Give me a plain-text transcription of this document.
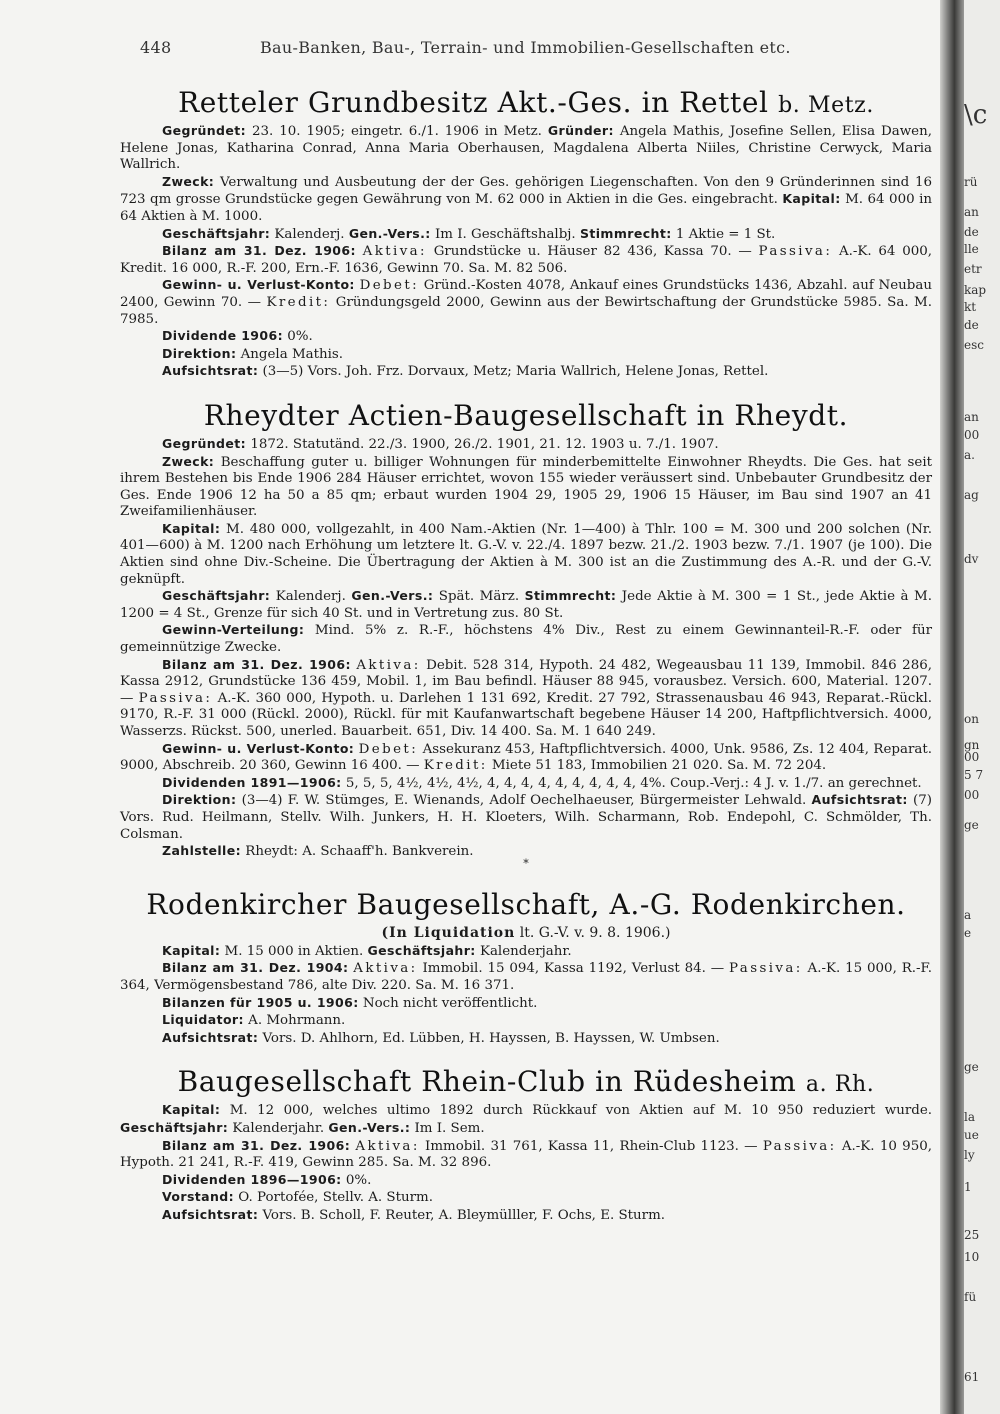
448	Bau-Banken, Bau-, Terrain- und Immobilien-Gesellschaften etc.
Retteler Grundbesitz Akt.-Ges. in Rettel b. Metz.

Gegründet: 23. 10. 1905; eingetr. 6./1. 1906 in Metz. Gründer: Angela Mathis, Josefine Sellen, Elisa Dawen, Helene Jonas, Katharina Conrad, Anna Maria Oberhausen, Magdalena Alberta Niiles, Christine Cerwyck, Maria Wallrich.

Zweck: Verwaltung und Ausbeutung der der Ges. gehörigen Liegenschaften. Von den 9 Gründerinnen sind 16 723 qm grosse Grundstücke gegen Gewährung von M. 62 000 in Aktien in die Ges. eingebracht. Kapital: M. 64 000 in 64 Aktien à M. 1000.

Geschäftsjahr: Kalenderj. Gen.-Vers.: Im I. Geschäftshalbj. Stimmrecht: 1 Aktie = 1 St.

Bilanz am 31. Dez. 1906: Aktiva: Grundstücke u. Häuser 82 436, Kassa 70. — Passiva: A.-K. 64 000, Kredit. 16 000, R.-F. 200, Ern.-F. 1636, Gewinn 70. Sa. M. 82 506.

Gewinn- u. Verlust-Konto: Debet: Gründ.-Kosten 4078, Ankauf eines Grundstücks 1436, Abzahl. auf Neubau 2400, Gewinn 70. — Kredit: Gründungsgeld 2000, Gewinn aus der Bewirtschaftung der Grundstücke 5985. Sa. M. 7985.

Dividende 1906: 0%.

Direktion: Angela Mathis.

Aufsichtsrat: (3—5) Vors. Joh. Frz. Dorvaux, Metz; Maria Wallrich, Helene Jonas, Rettel.

Rheydter Actien-Baugesellschaft in Rheydt.

Gegründet: 1872. Statutänd. 22./3. 1900, 26./2. 1901, 21. 12. 1903 u. 7./1. 1907.

Zweck: Beschaffung guter u. billiger Wohnungen für minderbemittelte Einwohner Rheydts. Die Ges. hat seit ihrem Bestehen bis Ende 1906 284 Häuser errichtet, wovon 155 wieder veräussert sind. Unbebauter Grundbesitz der Ges. Ende 1906 12 ha 50 a 85 qm; erbaut wurden 1904 29, 1905 29, 1906 15 Häuser, im Bau sind 1907 an 41 Zweifamilienhäuser.

Kapital: M. 480 000, vollgezahlt, in 400 Nam.-Aktien (Nr. 1—400) à Thlr. 100 = M. 300 und 200 solchen (Nr. 401—600) à M. 1200 nach Erhöhung um letztere lt. G.-V. v. 22./4. 1897 bezw. 21./2. 1903 bezw. 7./1. 1907 (je 100). Die Aktien sind ohne Div.-Scheine. Die Übertragung der Aktien à M. 300 ist an die Zustimmung des A.-R. und der G.-V. geknüpft.

Geschäftsjahr: Kalenderj. Gen.-Vers.: Spät. März. Stimmrecht: Jede Aktie à M. 300 = 1 St., jede Aktie à M. 1200 = 4 St., Grenze für sich 40 St. und in Vertretung zus. 80 St.

Gewinn-Verteilung: Mind. 5% z. R.-F., höchstens 4% Div., Rest zu einem Gewinnanteil-R.-F. oder für gemeinnützige Zwecke.

Bilanz am 31. Dez. 1906: Aktiva: Debit. 528 314, Hypoth. 24 482, Wegeausbau 11 139, Immobil. 846 286, Kassa 2912, Grundstücke 136 459, Mobil. 1, im Bau befindl. Häuser 88 945, vorausbez. Versich. 600, Material. 1207. — Passiva: A.-K. 360 000, Hypoth. u. Darlehen 1 131 692, Kredit. 27 792, Strassenausbau 46 943, Reparat.-Rückl. 9170, R.-F. 31 000 (Rückl. 2000), Rückl. für mit Kaufanwartschaft begebene Häuser 14 200, Haftpflichtversich. 4000, Wasserzs. Rückst. 500, unerled. Bauarbeit. 651, Div. 14 400. Sa. M. 1 640 249.

Gewinn- u. Verlust-Konto: Debet: Assekuranz 453, Haftpflichtversich. 4000, Unk. 9586, Zs. 12 404, Reparat. 9000, Abschreib. 20 360, Gewinn 16 400. — Kredit: Miete 51 183, Immobilien 21 020. Sa. M. 72 204.

Dividenden 1891—1906: 5, 5, 5, 4½, 4½, 4½, 4, 4, 4, 4, 4, 4, 4, 4, 4, 4%. Coup.-Verj.: 4 J. v. 1./7. an gerechnet.

Direktion: (3—4) F. W. Stümges, E. Wienands, Adolf Oechelhaeuser, Bürgermeister Lehwald. Aufsichtsrat: (7) Vors. Rud. Heilmann, Stellv. Wilh. Junkers, H. H. Kloeters, Wilh. Scharmann, Rob. Endepohl, C. Schmölder, Th. Colsman.

Zahlstelle: Rheydt: A. Schaaff'h. Bankverein.

*
Rodenkircher Baugesellschaft, A.-G. Rodenkirchen.
(In Liquidation lt. G.-V. v. 9. 8. 1906.)

Kapital: M. 15 000 in Aktien. Geschäftsjahr: Kalenderjahr.

Bilanz am 31. Dez. 1904: Aktiva: Immobil. 15 094, Kassa 1192, Verlust 84. — Passiva: A.-K. 15 000, R.-F. 364, Vermögensbestand 786, alte Div. 220. Sa. M. 16 371.

Bilanzen für 1905 u. 1906: Noch nicht veröffentlicht.

Liquidator: A. Mohrmann.

Aufsichtsrat: Vors. D. Ahlhorn, Ed. Lübben, H. Hayssen, B. Hayssen, W. Umbsen.

Baugesellschaft Rhein-Club in Rüdesheim a. Rh.

Kapital: M. 12 000, welches ultimo 1892 durch Rückkauf von Aktien auf M. 10 950 reduziert wurde. Geschäftsjahr: Kalenderjahr. Gen.-Vers.: Im I. Sem.

Bilanz am 31. Dez. 1906: Aktiva: Immobil. 31 761, Kassa 11, Rhein-Club 1123. — Passiva: A.-K. 10 950, Hypoth. 21 241, R.-F. 419, Gewinn 285. Sa. M. 32 896.

Dividenden 1896—1906: 0%.

Vorstand: O. Portofée, Stellv. A. Sturm.

Aufsichtsrat: Vors. B. Scholl, F. Reuter, A. Bleymülller, F. Ochs, E. Sturm.

\c
rü
an
de
lle
etr
kap
kt
de
esc
an
00
a.
ag
dv
on
gn
00
5 7
00
ge
a
e
ge
la
ue
ly
1
25
10
fü
61
